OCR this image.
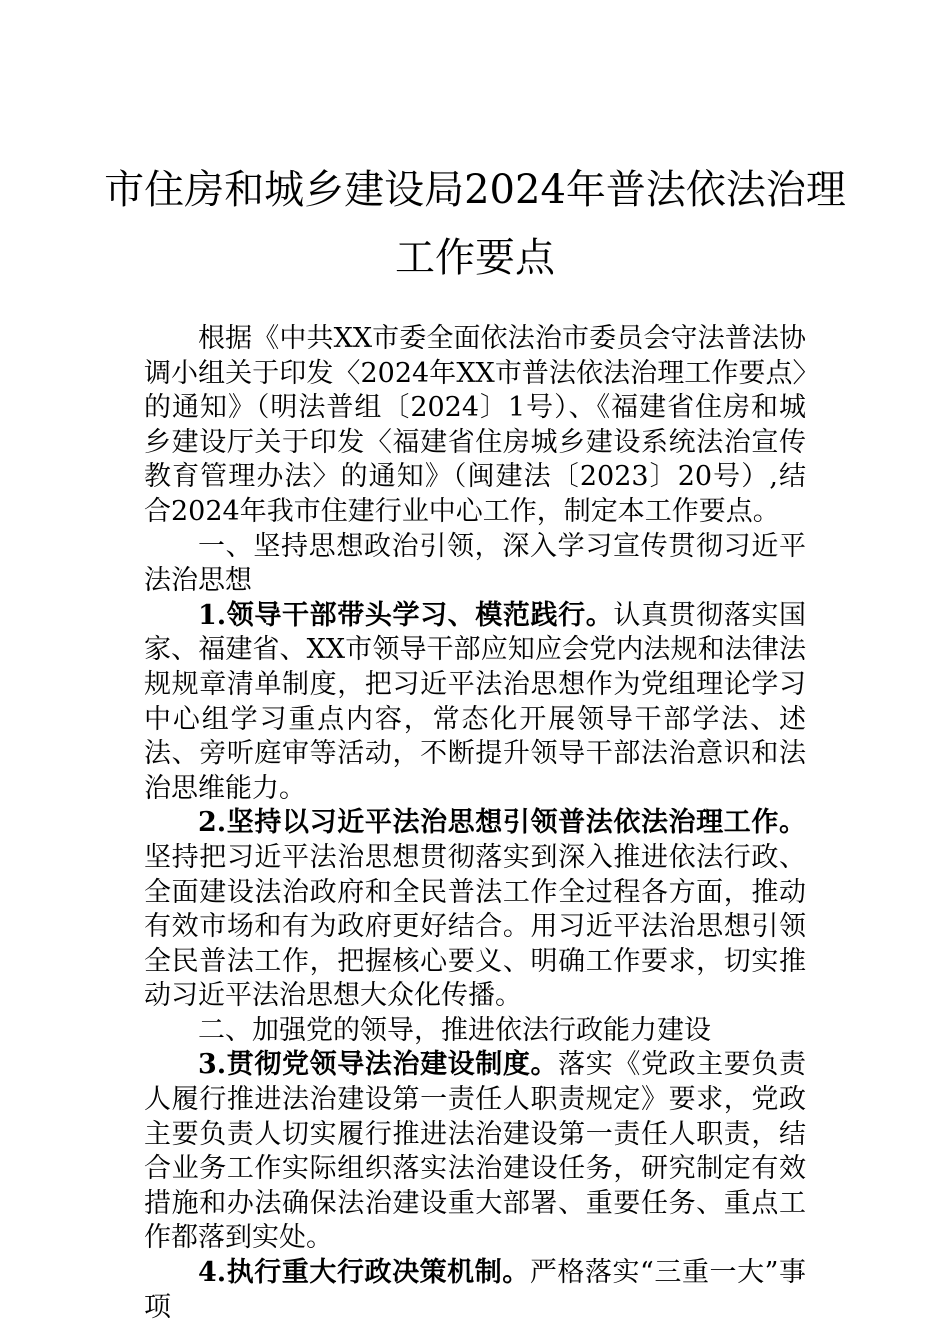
市住房和城乡建设局2024年普法依法治理
工作要点

根据《中共XX市委全面依法治市委员会守法普法协调小组关于印发〈2024年XX市普法依法治理工作要点〉的通知》（明法普组〔2024〕1号）、《福建省住房和城乡建设厅关于印发〈福建省住房城乡建设系统法治宣传教育管理办法〉的通知》（闽建法〔2023〕20号）,结合2024年我市住建行业中心工作，制定本工作要点。

一、坚持思想政治引领，深入学习宣传贯彻习近平法治思想

1.领导干部带头学习、模范践行。认真贯彻落实国家、福建省、XX市领导干部应知应会党内法规和法律法规规章清单制度，把习近平法治思想作为党组理论学习中心组学习重点内容，常态化开展领导干部学法、述法、旁听庭审等活动，不断提升领导干部法治意识和法治思维能力。

2.坚持以习近平法治思想引领普法依法治理工作。坚持把习近平法治思想贯彻落实到深入推进依法行政、全面建设法治政府和全民普法工作全过程各方面，推动有效市场和有为政府更好结合。用习近平法治思想引领全民普法工作，把握核心要义、明确工作要求，切实推动习近平法治思想大众化传播。

二、加强党的领导，推进依法行政能力建设

3.贯彻党领导法治建设制度。落实《党政主要负责人履行推进法治建设第一责任人职责规定》要求，党政主要负责人切实履行推进法治建设第一责任人职责，结合业务工作实际组织落实法治建设任务，研究制定有效措施和办法确保法治建设重大部署、重要任务、重点工作都落到实处。

4.执行重大行政决策机制。严格落实“三重一大”事项
